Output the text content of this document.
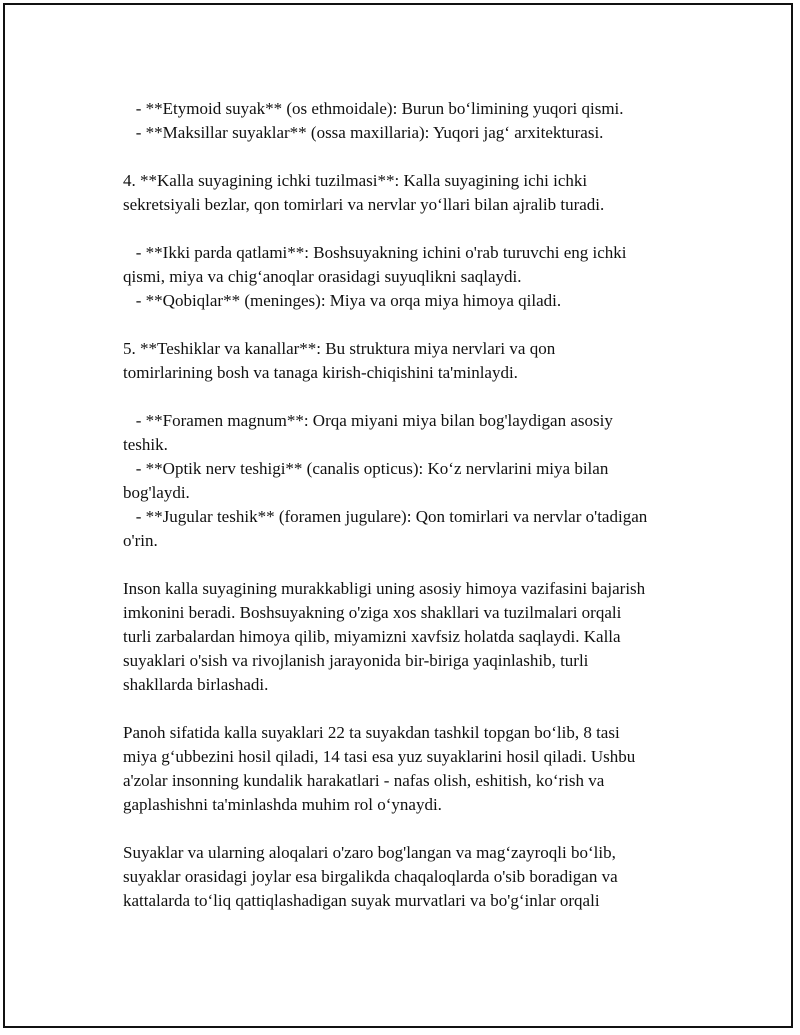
- **Etymoid suyak** (os ethmoidale): Burun bo‘limining yuqori qismi.
- **Maksillar suyaklar** (ossa maxillaria): Yuqori jag‘ arxitekturasi.
4. **Kalla suyagining ichki tuzilmasi**: Kalla suyagining ichi ichki
sekretsiyali bezlar, qon tomirlari va nervlar yo‘llari bilan ajralib turadi.
- **Ikki parda qatlami**: Boshsuyakning ichini o'rab turuvchi eng ichki
qismi, miya va chig‘anoqlar orasidagi suyuqlikni saqlaydi.
- **Qobiqlar** (meninges): Miya va orqa miya himoya qiladi.
5. **Teshiklar va kanallar**: Bu struktura miya nervlari va qon
tomirlarining bosh va tanaga kirish-chiqishini ta'minlaydi.
- **Foramen magnum**: Orqa miyani miya bilan bog'laydigan asosiy
teshik.
- **Optik nerv teshigi** (canalis opticus): Ko‘z nervlarini miya bilan
bog'laydi.
- **Jugular teshik** (foramen jugulare): Qon tomirlari va nervlar o'tadigan
o'rin.
Inson kalla suyagining murakkabligi uning asosiy himoya vazifasini bajarish
imkonini beradi. Boshsuyakning o'ziga xos shakllari va tuzilmalari orqali
turli zarbalardan himoya qilib, miyamizni xavfsiz holatda saqlaydi. Kalla
suyaklari o'sish va rivojlanish jarayonida bir-biriga yaqinlashib, turli
shakllarda birlashadi.
Panoh sifatida kalla suyaklari 22 ta suyakdan tashkil topgan bo‘lib, 8 tasi
miya g‘ubbezini hosil qiladi, 14 tasi esa yuz suyaklarini hosil qiladi. Ushbu
a'zolar insonning kundalik harakatlari - nafas olish, eshitish, ko‘rish va
gaplashishni ta'minlashda muhim rol o‘ynaydi.
Suyaklar va ularning aloqalari o'zaro bog'langan va mag‘zayroqli bo‘lib,
suyaklar orasidagi joylar esa birgalikda chaqaloqlarda o'sib boradigan va
kattalarda to‘liq qattiqlashadigan suyak murvatlari va bo'g‘inlar orqali
